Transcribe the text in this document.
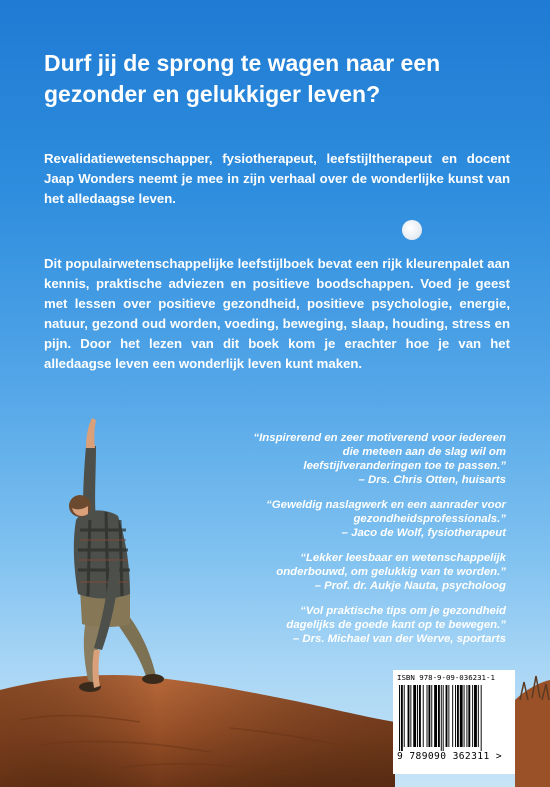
Durf jij de sprong te wagen naar een gezonder en gelukkiger leven?

Revalidatiewetenschapper, fysiotherapeut, leefstijltherapeut en docent Jaap Wonders neemt je mee in zijn verhaal over de wonderlijke kunst van het alledaagse leven.

Dit populairwetenschappelijke leefstijlboek bevat een rijk kleurenpalet aan kennis, praktische adviezen en positieve boodschappen. Voed je geest met lessen over positieve gezondheid, positieve psychologie, energie, natuur, gezond oud worden, voeding, beweging, slaap, houding, stress en pijn. Door het lezen van dit boek kom je erachter hoe je van het alledaagse leven een wonderlijk leven kunt maken.

“Inspirerend en zeer motiverend voor iedereen die meteen aan de slag wil om leefstijlveranderingen toe te passen.”

– Drs. Chris Otten, huisarts

“Geweldig naslagwerk en een aanrader voor gezondheidsprofessionals.”

– Jaco de Wolf, fysiotherapeut

“Lekker leesbaar en wetenschappelijk onderbouwd, om gelukkig van te worden.”

– Prof. dr. Aukje Nauta, psycholoog

“Vol praktische tips om je gezondheid dagelijks de goede kant op te bewegen.”

– Drs. Michael van der Werve, sportarts

ISBN 978-9-09-036231-1
9 789090 362311 >
